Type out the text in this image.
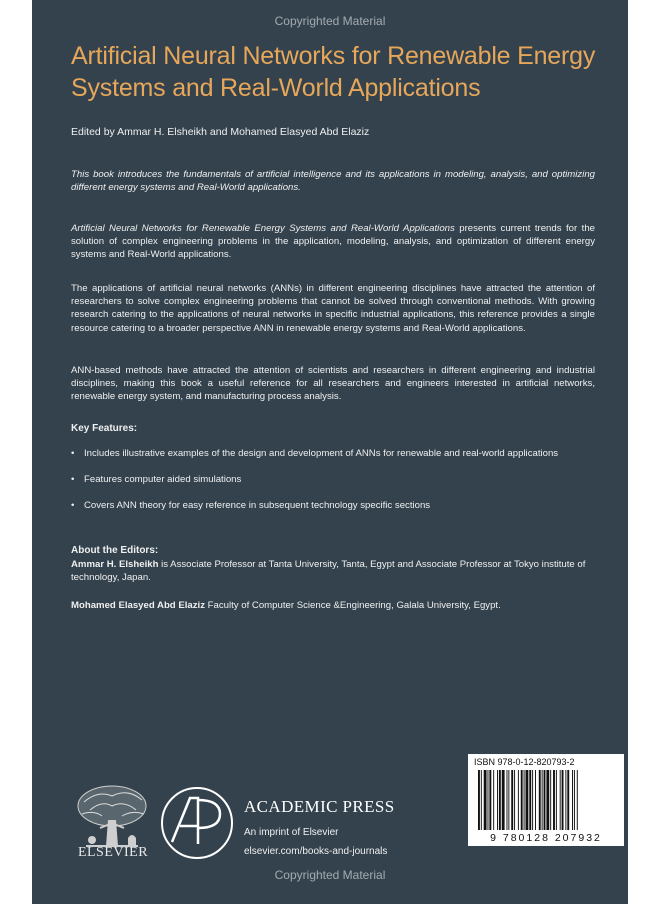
Copyrighted Material
Artificial Neural Networks for Renewable Energy Systems and Real-World Applications
Edited by Ammar H. Elsheikh and Mohamed Elasyed Abd Elaziz

This book introduces the fundamentals of artificial intelligence and its applications in modeling, analysis, and optimizing different energy systems and Real-World applications.

Artificial Neural Networks for Renewable Energy Systems and Real-World Applications presents current trends for the solution of complex engineering problems in the application, modeling, analysis, and optimization of different energy systems and Real-World applications.

The applications of artificial neural networks (ANNs) in different engineering disciplines have attracted the attention of researchers to solve complex engineering problems that cannot be solved through conventional methods. With growing research catering to the applications of neural networks in specific industrial applications, this reference provides a single resource catering to a broader perspective ANN in renewable energy systems and Real-World applications.

ANN-based methods have attracted the attention of scientists and researchers in different engineering and industrial disciplines, making this book a useful reference for all researchers and engineers interested in artificial networks, renewable energy system, and manufacturing process analysis.

Key Features:
• Includes illustrative examples of the design and development of ANNs for renewable and real-world applications
• Features computer aided simulations
• Covers ANN theory for easy reference in subsequent technology specific sections
About the Editors:

Ammar H. Elsheikh is Associate Professor at Tanta University, Tanta, Egypt and Associate Professor at Tokyo institute of technology, Japan.

Mohamed Elasyed Abd Elaziz Faculty of Computer Science &Engineering, Galala University, Egypt.

ELSEVIER
ACADEMIC PRESS
An imprint of Elsevier
elsevier.com/books-and-journals
ISBN 978-0-12-820793-2
9 780128 207932
Copyrighted Material
